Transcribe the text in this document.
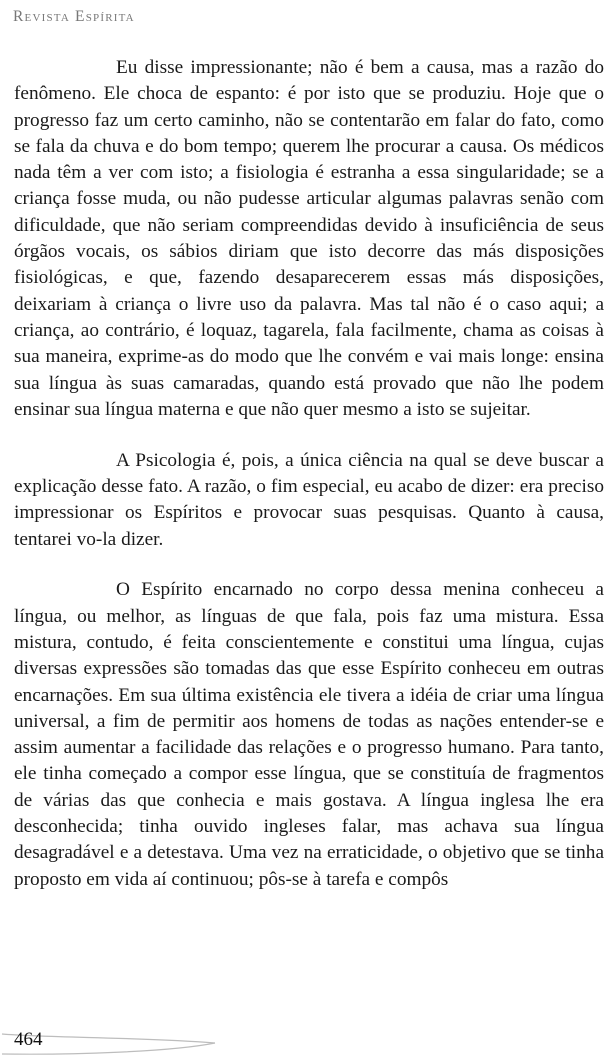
Revista Espírita

Eu disse impressionante; não é bem a causa, mas a razão do fenômeno. Ele choca de espanto: é por isto que se produziu. Hoje que o progresso faz um certo caminho, não se contentarão em falar do fato, como se fala da chuva e do bom tempo; querem lhe procurar a causa. Os médicos nada têm a ver com isto; a fisiologia é estranha a essa singularidade; se a criança fosse muda, ou não pudesse articular algumas palavras senão com dificuldade, que não seriam compreendidas devido à insuficiência de seus órgãos vocais, os sábios diriam que isto decorre das más disposições fisiológicas, e que, fazendo desaparecerem essas más disposições, deixariam à criança o livre uso da palavra. Mas tal não é o caso aqui; a criança, ao contrário, é loquaz, tagarela, fala facilmente, chama as coisas à sua maneira, exprime-as do modo que lhe convém e vai mais longe: ensina sua língua às suas camaradas, quando está provado que não lhe podem ensinar sua língua materna e que não quer mesmo a isto se sujeitar.

A Psicologia é, pois, a única ciência na qual se deve buscar a explicação desse fato. A razão, o fim especial, eu acabo de dizer: era preciso impressionar os Espíritos e provocar suas pesquisas. Quanto à causa, tentarei vo-la dizer.

O Espírito encarnado no corpo dessa menina conheceu a língua, ou melhor, as línguas de que fala, pois faz uma mistura. Essa mistura, contudo, é feita conscientemente e constitui uma língua, cujas diversas expressões são tomadas das que esse Espírito conheceu em outras encarnações. Em sua última existência ele tivera a idéia de criar uma língua universal, a fim de permitir aos homens de todas as nações entender-se e assim aumentar a facilidade das relações e o progresso humano. Para tanto, ele tinha começado a compor esse língua, que se constituía de fragmentos de várias das que conhecia e mais gostava. A língua inglesa lhe era desconhecida; tinha ouvido ingleses falar, mas achava sua língua desagradável e a detestava. Uma vez na erraticidade, o objetivo que se tinha proposto em vida aí continuou; pôs-se à tarefa e compôs

464
